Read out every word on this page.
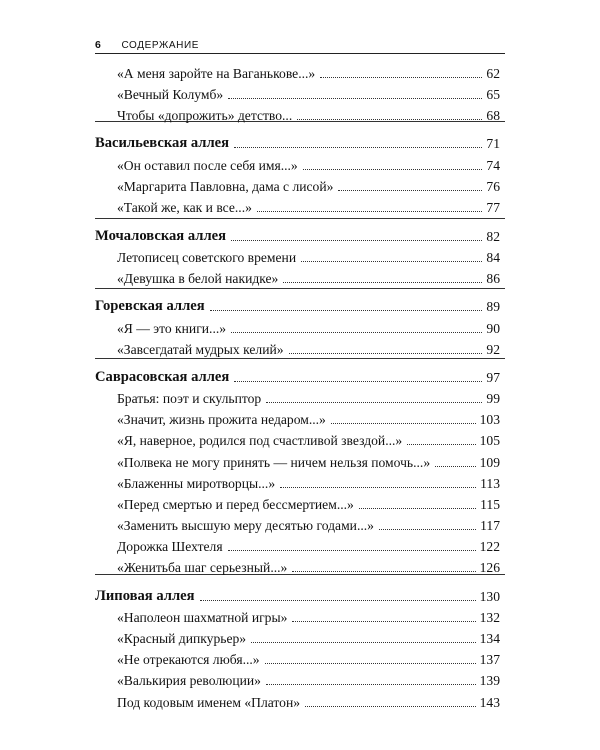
6 СОДЕРЖАНИЕ
«А меня заройте на Ваганькове...»	62
«Вечный Колумб»	65
Чтобы «допрожить» детство...	68
Васильевская аллея	71
«Он оставил после себя имя...»	74
«Маргарита Павловна, дама с лисой»	76
«Такой же, как и все...»	77
Мочаловская аллея	82
Летописец советского времени	84
«Девушка в белой накидке»	86
Горевская аллея	89
«Я — это книги...»	90
«Завсегдатай мудрых келий»	92
Саврасовская аллея	97
Братья: поэт и скульптор	99
«Значит, жизнь прожита недаром...»	103
«Я, наверное, родился под счастливой звездой...»	105
«Полвека не могу принять — ничем нельзя помочь...»	109
«Блаженны миротворцы...»	113
«Перед смертью и перед бессмертием...»	115
«Заменить высшую меру десятью годами...»	117
Дорожка Шехтеля	122
«Женитьба шаг серьезный...»	126
Липовая аллея	130
«Наполеон шахматной игры»	132
«Красный дипкурьер»	134
«Не отрекаются любя...»	137
«Валькирия революции»	139
Под кодовым именем «Платон»	143
